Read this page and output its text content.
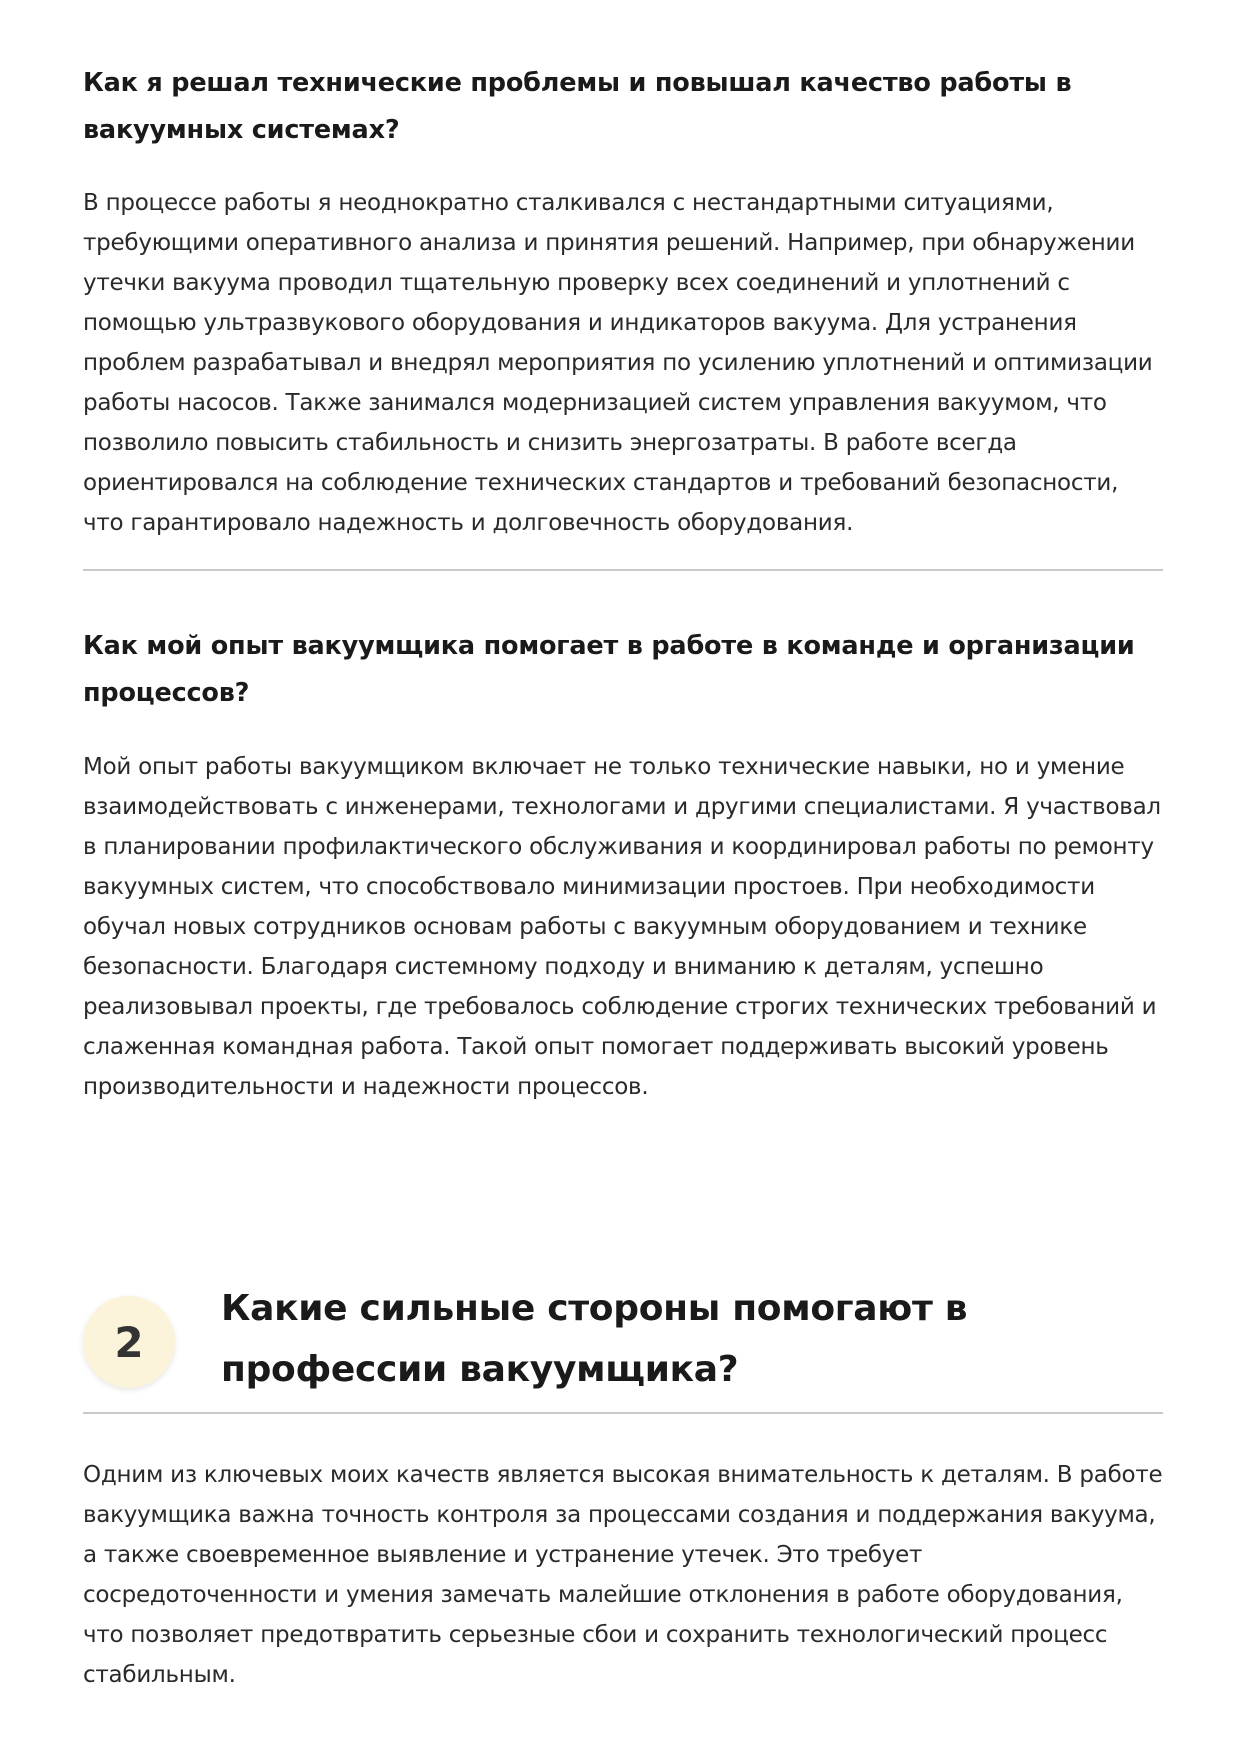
Как я решал технические проблемы и повышал качество работы в вакуумных системах?

В процессе работы я неоднократно сталкивался с нестандартными ситуациями, требующими оперативного анализа и принятия решений. Например, при обнаружении утечки вакуума проводил тщательную проверку всех соединений и уплотнений с помощью ультразвукового оборудования и индикаторов вакуума. Для устранения проблем разрабатывал и внедрял мероприятия по усилению уплотнений и оптимизации работы насосов. Также занимался модернизацией систем управления вакуумом, что позволило повысить стабильность и снизить энергозатраты. В работе всегда ориентировался на соблюдение технических стандартов и требований безопасности, что гарантировало надежность и долговечность оборудования.

Как мой опыт вакуумщика помогает в работе в команде и организации процессов?

Мой опыт работы вакуумщиком включает не только технические навыки, но и умение взаимодействовать с инженерами, технологами и другими специалистами. Я участвовал в планировании профилактического обслуживания и координировал работы по ремонту вакуумных систем, что способствовало минимизации простоев. При необходимости обучал новых сотрудников основам работы с вакуумным оборудованием и технике безопасности. Благодаря системному подходу и вниманию к деталям, успешно реализовывал проекты, где требовалось соблюдение строгих технических требований и слаженная командная работа. Такой опыт помогает поддерживать высокий уровень производительности и надежности процессов.

2
Какие сильные стороны помогают в профессии вакуумщика?

Одним из ключевых моих качеств является высокая внимательность к деталям. В работе вакуумщика важна точность контроля за процессами создания и поддержания вакуума, а также своевременное выявление и устранение утечек. Это требует сосредоточенности и умения замечать малейшие отклонения в работе оборудования, что позволяет предотвратить серьезные сбои и сохранить технологический процесс стабильным.
